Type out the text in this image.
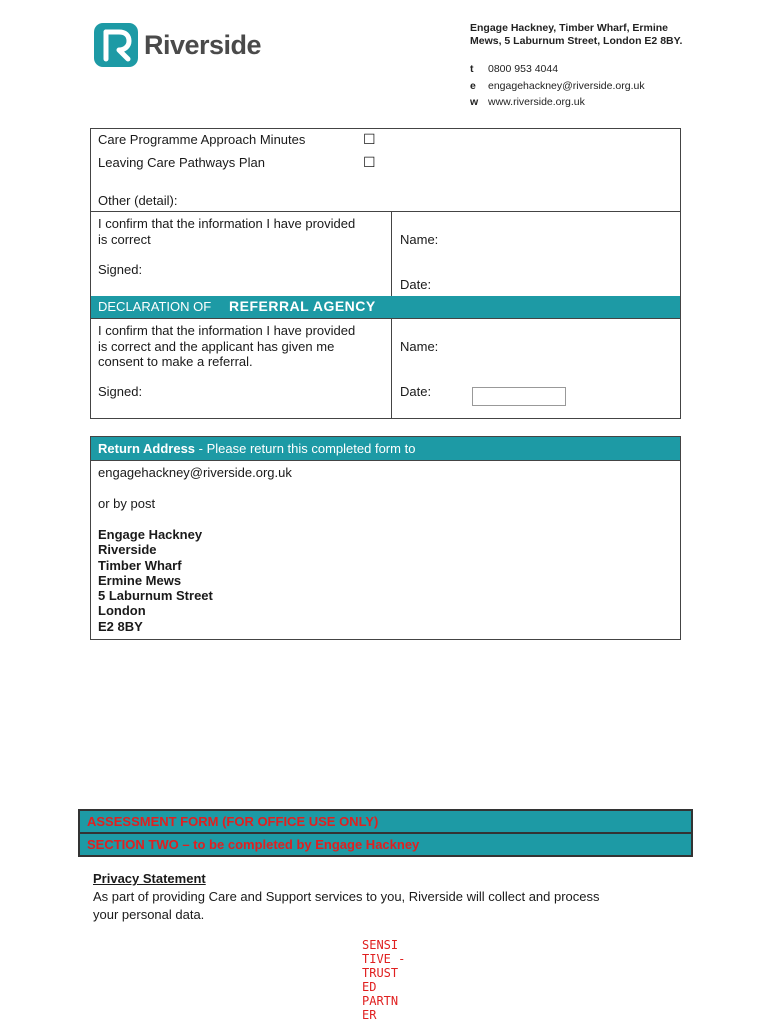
Riverside
Engage Hackney, Timber Wharf, Ermine Mews, 5 Laburnum Street, London E2 8BY.
t 0800 953 4044
e engagehackney@riverside.org.uk
w www.riverside.org.uk
Care Programme Approach Minutes	☐
Leaving Care Pathways Plan	☐
Other (detail):
I confirm that the information I have provided
is correct
Signed:
Name:
Date:
DECLARATION OF REFERRAL AGENCY
I confirm that the information I have provided
is correct and the applicant has given me
consent to make a referral.
Signed:
Name:
Date:
Return Address - Please return this completed form to
engagehackney@riverside.org.uk
or by post
Engage Hackney
Riverside
Timber Wharf
Ermine Mews
5 Laburnum Street
London
E2 8BY
ASSESSMENT FORM (FOR OFFICE USE ONLY)
SECTION TWO – to be completed by Engage Hackney
Privacy Statement
As part of providing Care and Support services to you, Riverside will collect and process
your personal data.
SENSI
TIVE -
TRUST
ED
PARTN
ER
